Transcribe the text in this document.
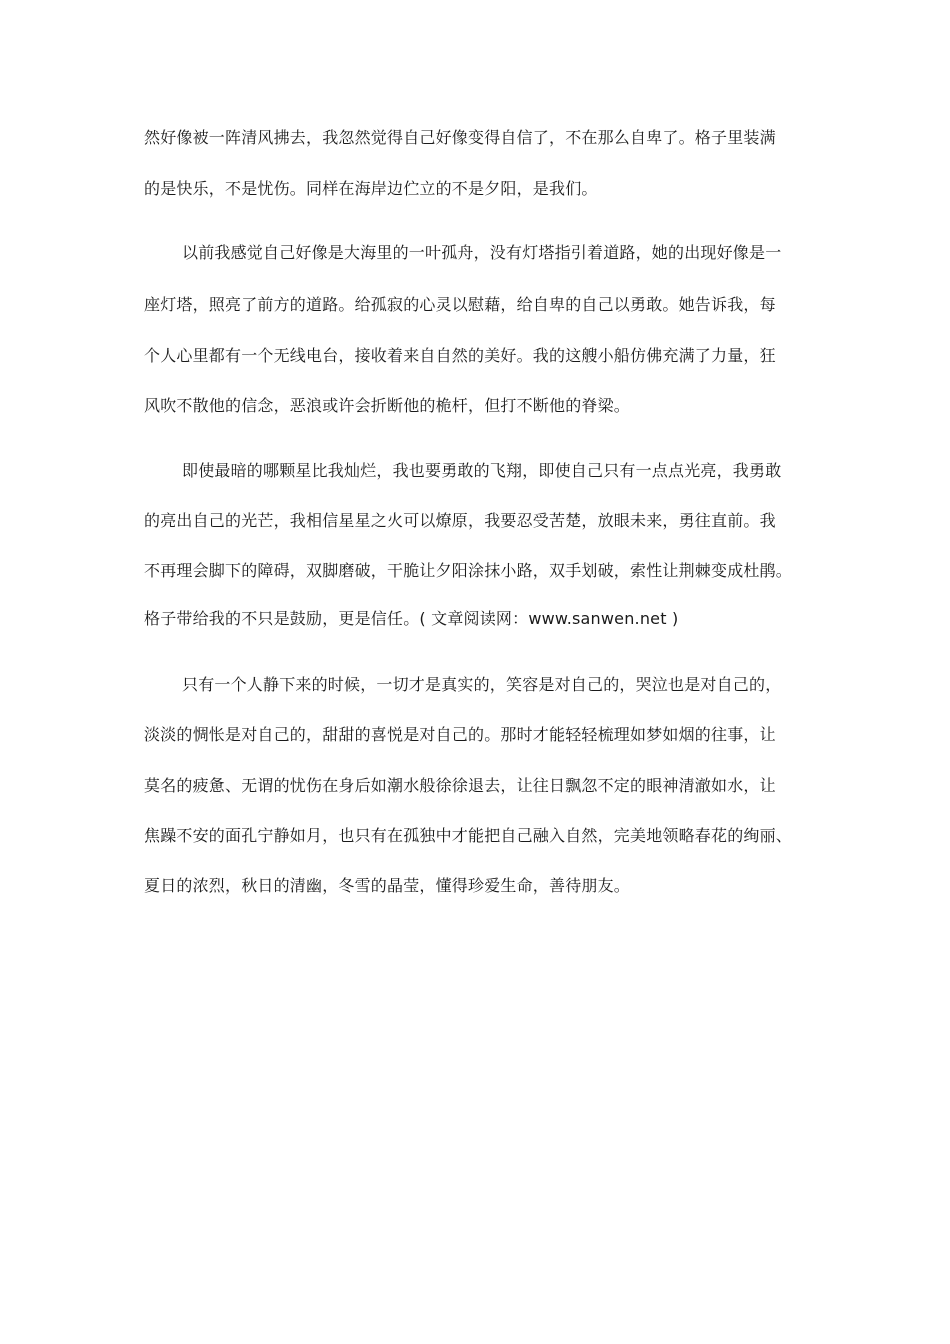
然好像被一阵清风拂去，我忽然觉得自己好像变得自信了，不在那么自卑了。格子里装满
的是快乐，不是忧伤。同样在海岸边伫立的不是夕阳，是我们。
以前我感觉自己好像是大海里的一叶孤舟，没有灯塔指引着道路，她的出现好像是一
座灯塔，照亮了前方的道路。给孤寂的心灵以慰藉，给自卑的自己以勇敢。她告诉我，每
个人心里都有一个无线电台，接收着来自自然的美好。我的这艘小船仿佛充满了力量，狂
风吹不散他的信念，恶浪或许会折断他的桅杆，但打不断他的脊梁。
即使最暗的哪颗星比我灿烂，我也要勇敢的飞翔，即使自己只有一点点光亮，我勇敢
的亮出自己的光芒，我相信星星之火可以燎原，我要忍受苦楚，放眼未来，勇往直前。我
不再理会脚下的障碍，双脚磨破，干脆让夕阳涂抹小路，双手划破，索性让荆棘变成杜鹃。
格子带给我的不只是鼓励，更是信任。( 文章阅读网：www.sanwen.net )
只有一个人静下来的时候，一切才是真实的，笑容是对自己的，哭泣也是对自己的，
淡淡的惆怅是对自己的，甜甜的喜悦是对自己的。那时才能轻轻梳理如梦如烟的往事，让
莫名的疲惫、无谓的忧伤在身后如潮水般徐徐退去，让往日飘忽不定的眼神清澈如水，让
焦躁不安的面孔宁静如月，也只有在孤独中才能把自己融入自然，完美地领略春花的绚丽、
夏日的浓烈，秋日的清幽，冬雪的晶莹，懂得珍爱生命，善待朋友。
